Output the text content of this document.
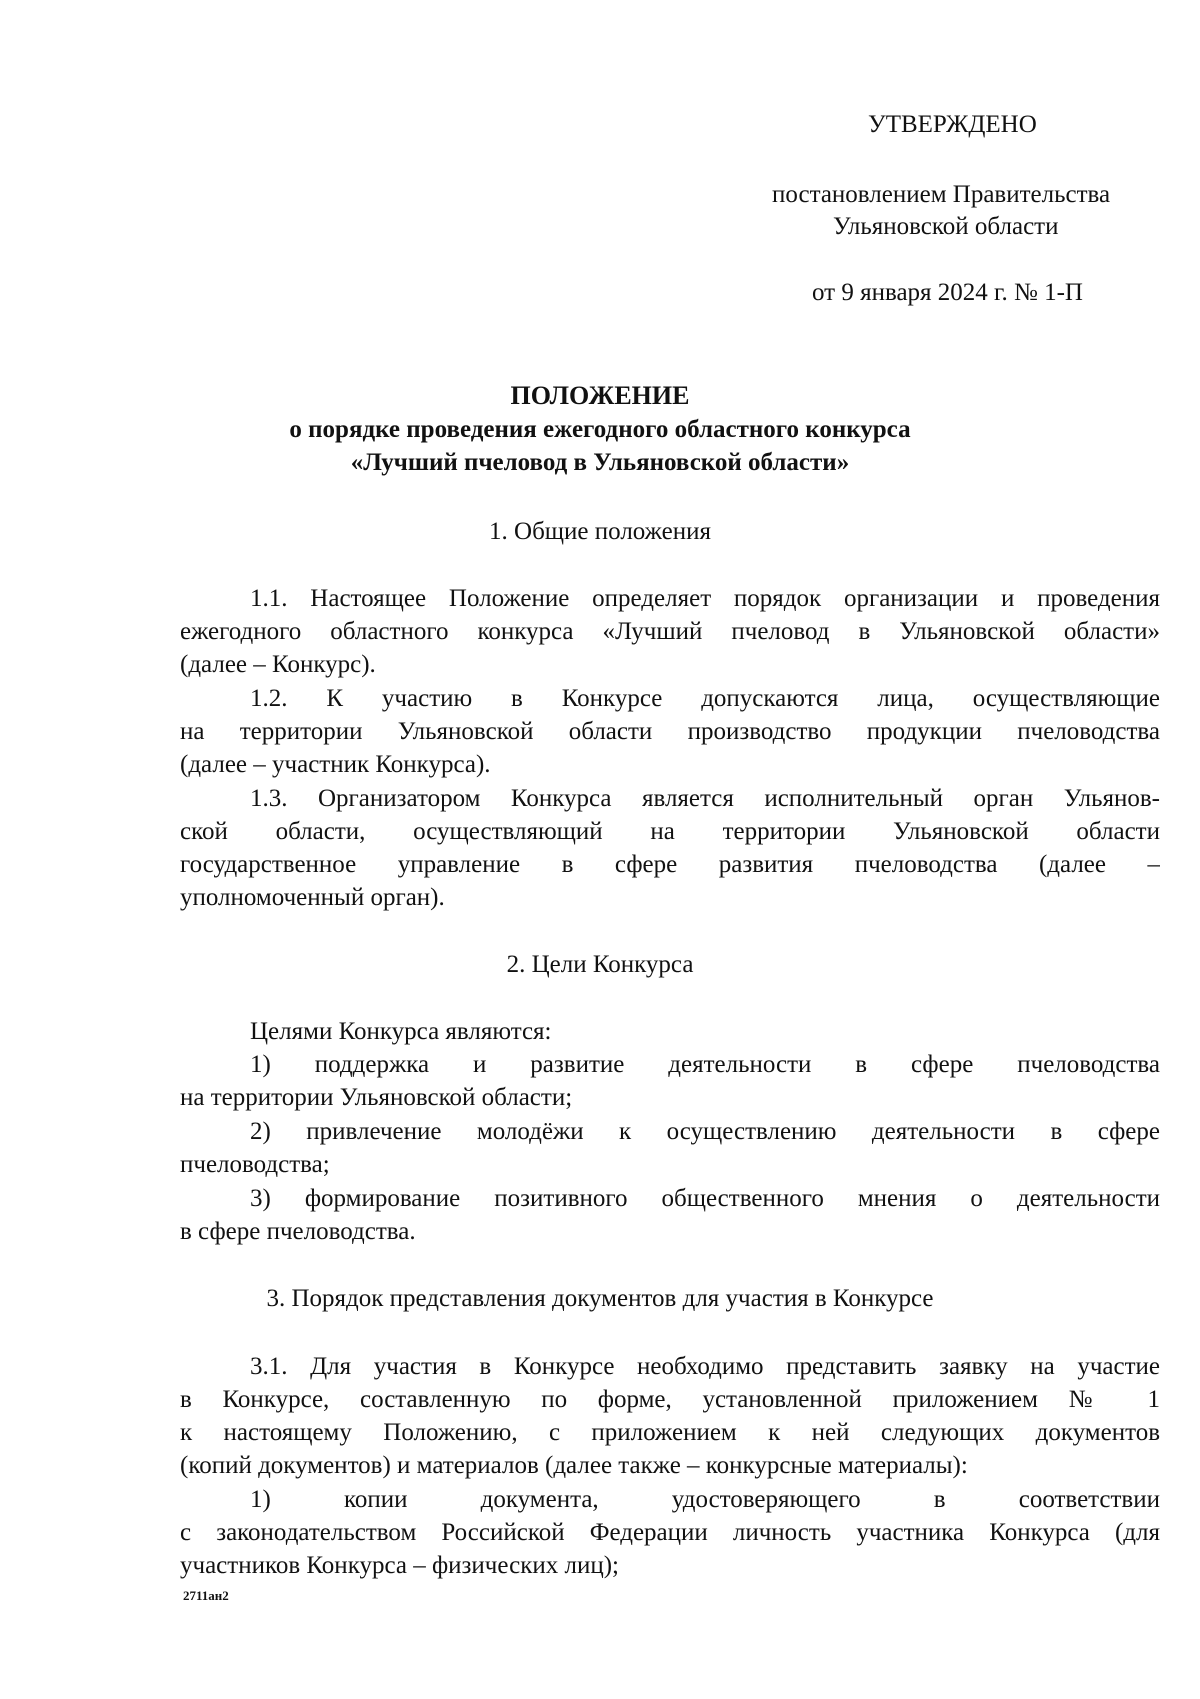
УТВЕРЖДЕНО
постановлением Правительства
Ульяновской области
от 9 января 2024 г. № 1-П
ПОЛОЖЕНИЕ
о порядке проведения ежегодного областного конкурса
«Лучший пчеловод в Ульяновской области»
1. Общие положения
1.1. Настоящее Положение определяет порядок организации и проведения
ежегодного областного конкурса «Лучший пчеловод в Ульяновской области»
(далее – Конкурс).
1.2. К участию в Конкурсе допускаются лица, осуществляющие
на территории Ульяновской области производство продукции пчеловодства
(далее – участник Конкурса).
1.3. Организатором Конкурса является исполнительный орган Ульянов-
ской области, осуществляющий на территории Ульяновской области
государственное управление в сфере развития пчеловодства (далее –
уполномоченный орган).
2. Цели Конкурса
Целями Конкурса являются:
1) поддержка и развитие деятельности в сфере пчеловодства
на территории Ульяновской области;
2) привлечение молодёжи к осуществлению деятельности в сфере
пчеловодства;
3) формирование позитивного общественного мнения о деятельности
в сфере пчеловодства.
3. Порядок представления документов для участия в Конкурсе
3.1. Для участия в Конкурсе необходимо представить заявку на участие
в Конкурсе, составленную по форме, установленной приложением № 1
к настоящему Положению, с приложением к ней следующих документов
(копий документов) и материалов (далее также – конкурсные материалы):
1) копии документа, удостоверяющего в соответствии
с законодательством Российской Федерации личность участника Конкурса (для
участников Конкурса – физических лиц);
2711ан2
